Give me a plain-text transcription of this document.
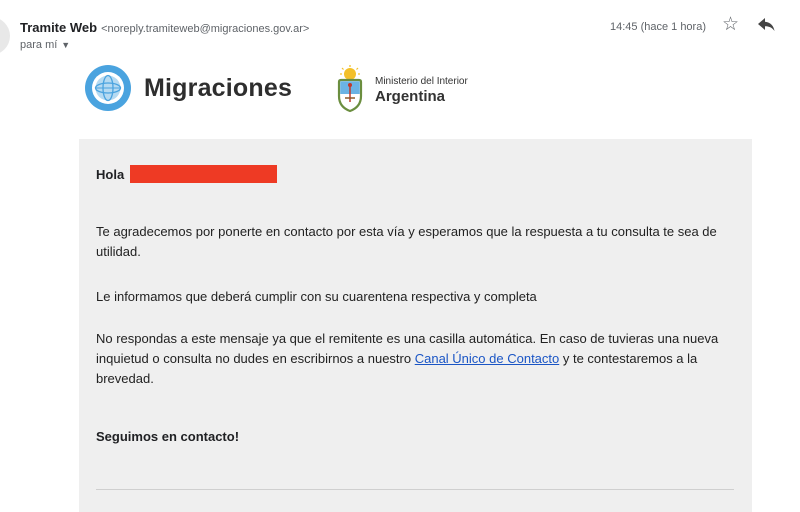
Tramite Web <noreply.tramiteweb@migraciones.gov.ar>
para mí ▼
14:45 (hace 1 hora) ☆
Migraciones	Ministerio del Interior
Argentina
Hola
Te agradecemos por ponerte en contacto por esta vía y esperamos que la respuesta a tu consulta te sea de utilidad.
Le informamos que deberá cumplir con su cuarentena respectiva y completa
No respondas a este mensaje ya que el remitente es una casilla automática. En caso de tuvieras una nueva inquietud o consulta no dudes en escribirnos a nuestro Canal Único de Contacto y te contestaremos a la brevedad.
Seguimos en contacto!
